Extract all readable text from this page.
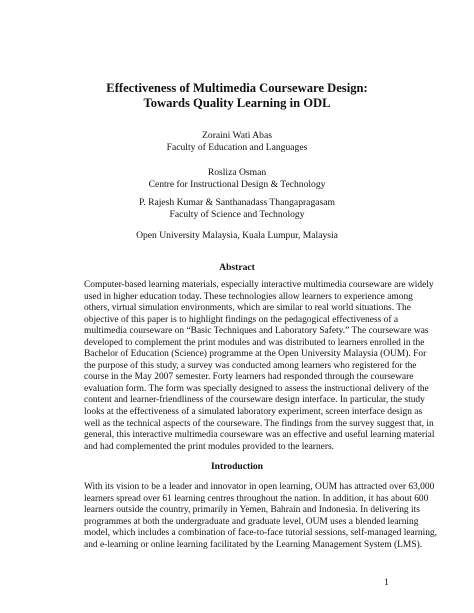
Effectiveness of Multimedia Courseware Design:
Towards Quality Learning in ODL
Zoraini Wati Abas
Faculty of Education and Languages
Rosliza Osman
Centre for Instructional Design & Technology
P. Rajesh Kumar & Santhanadass Thangapragasam
Faculty of Science and Technology
Open University Malaysia, Kuala Lumpur, Malaysia
Abstract
Computer-based learning materials, especially interactive multimedia courseware are widely
used in higher education today. These technologies allow learners to experience among
others, virtual simulation environments, which are similar to real world situations. The
objective of this paper is to highlight findings on the pedagogical effectiveness of a
multimedia courseware on “Basic Techniques and Laboratory Safety.” The courseware was
developed to complement the print modules and was distributed to learners enrolled in the
Bachelor of Education (Science) programme at the Open University Malaysia (OUM). For
the purpose of this study, a survey was conducted among learners who registered for the
course in the May 2007 semester. Forty learners had responded through the courseware
evaluation form. The form was specially designed to assess the instructional delivery of the
content and learner-friendliness of the courseware design interface. In particular, the study
looks at the effectiveness of a simulated laboratory experiment, screen interface design as
well as the technical aspects of the courseware. The findings from the survey suggest that, in
general, this interactive multimedia courseware was an effective and useful learning material
and had complemented the print modules provided to the learners.
Introduction
With its vision to be a leader and innovator in open learning, OUM has attracted over 63,000
learners spread over 61 learning centres throughout the nation. In addition, it has about 600
learners outside the country, primarily in Yemen, Bahrain and Indonesia. In delivering its
programmes at both the undergraduate and graduate level, OUM uses a blended learning
model, which includes a combination of face-to-face tutorial sessions, self-managed learning,
and e-learning or online learning facilitated by the Learning Management System (LMS).
1
